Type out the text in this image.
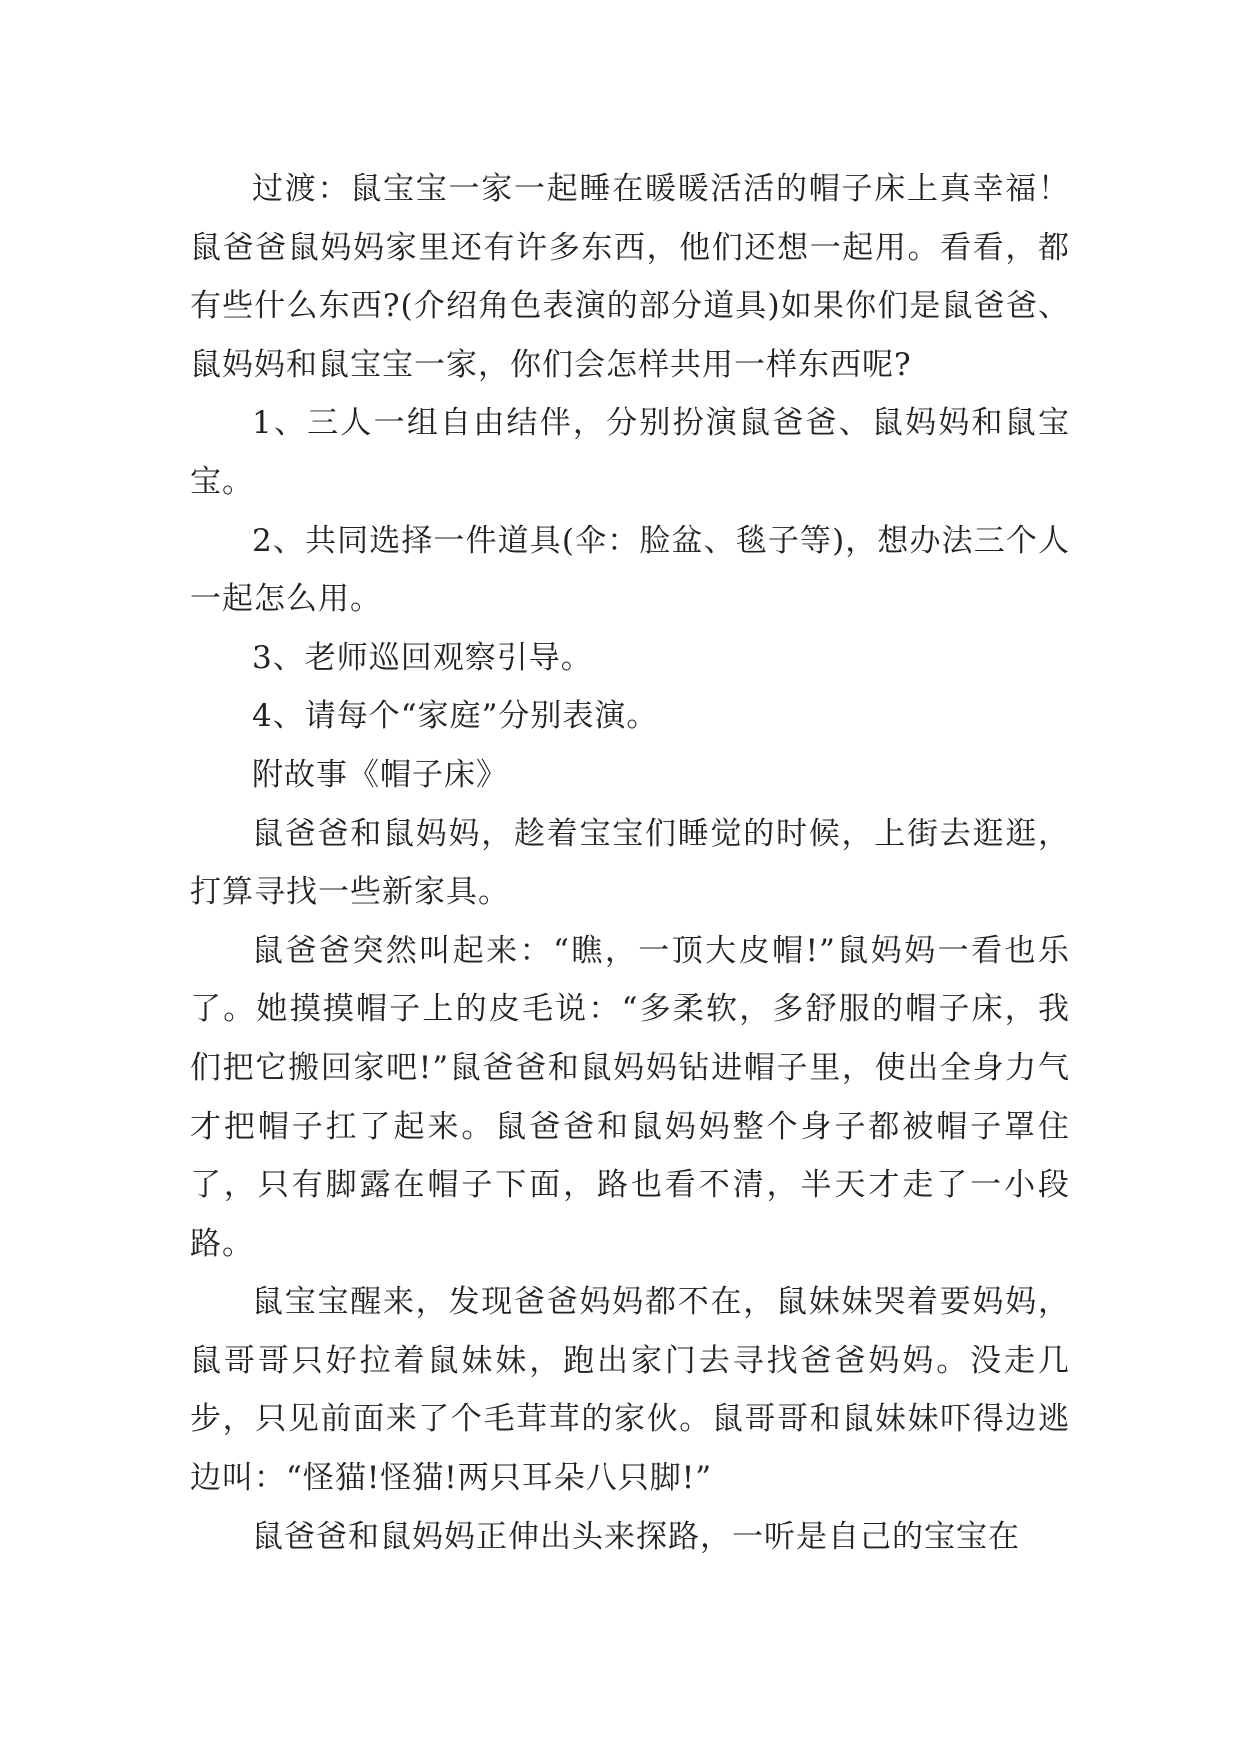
过渡：鼠宝宝一家一起睡在暖暖活活的帽子床上真幸福！鼠爸爸鼠妈妈家里还有许多东西，他们还想一起用。看看，都有些什么东西?(介绍角色表演的部分道具)如果你们是鼠爸爸、鼠妈妈和鼠宝宝一家，你们会怎样共用一样东西呢?

1、三人一组自由结伴，分别扮演鼠爸爸、鼠妈妈和鼠宝宝。

2、共同选择一件道具(伞：脸盆、毯子等)，想办法三个人一起怎么用。

3、老师巡回观察引导。

4、请每个“家庭”分别表演。

附故事《帽子床》

鼠爸爸和鼠妈妈，趁着宝宝们睡觉的时候，上街去逛逛，打算寻找一些新家具。

鼠爸爸突然叫起来：“瞧，一顶大皮帽!”鼠妈妈一看也乐了。她摸摸帽子上的皮毛说：“多柔软，多舒服的帽子床，我们把它搬回家吧!”鼠爸爸和鼠妈妈钻进帽子里，使出全身力气才把帽子扛了起来。鼠爸爸和鼠妈妈整个身子都被帽子罩住了，只有脚露在帽子下面，路也看不清，半天才走了一小段路。

鼠宝宝醒来，发现爸爸妈妈都不在，鼠妹妹哭着要妈妈，鼠哥哥只好拉着鼠妹妹，跑出家门去寻找爸爸妈妈。没走几步，只见前面来了个毛茸茸的家伙。鼠哥哥和鼠妹妹吓得边逃边叫：“怪猫!怪猫!两只耳朵八只脚!”

鼠爸爸和鼠妈妈正伸出头来探路，一听是自己的宝宝在
